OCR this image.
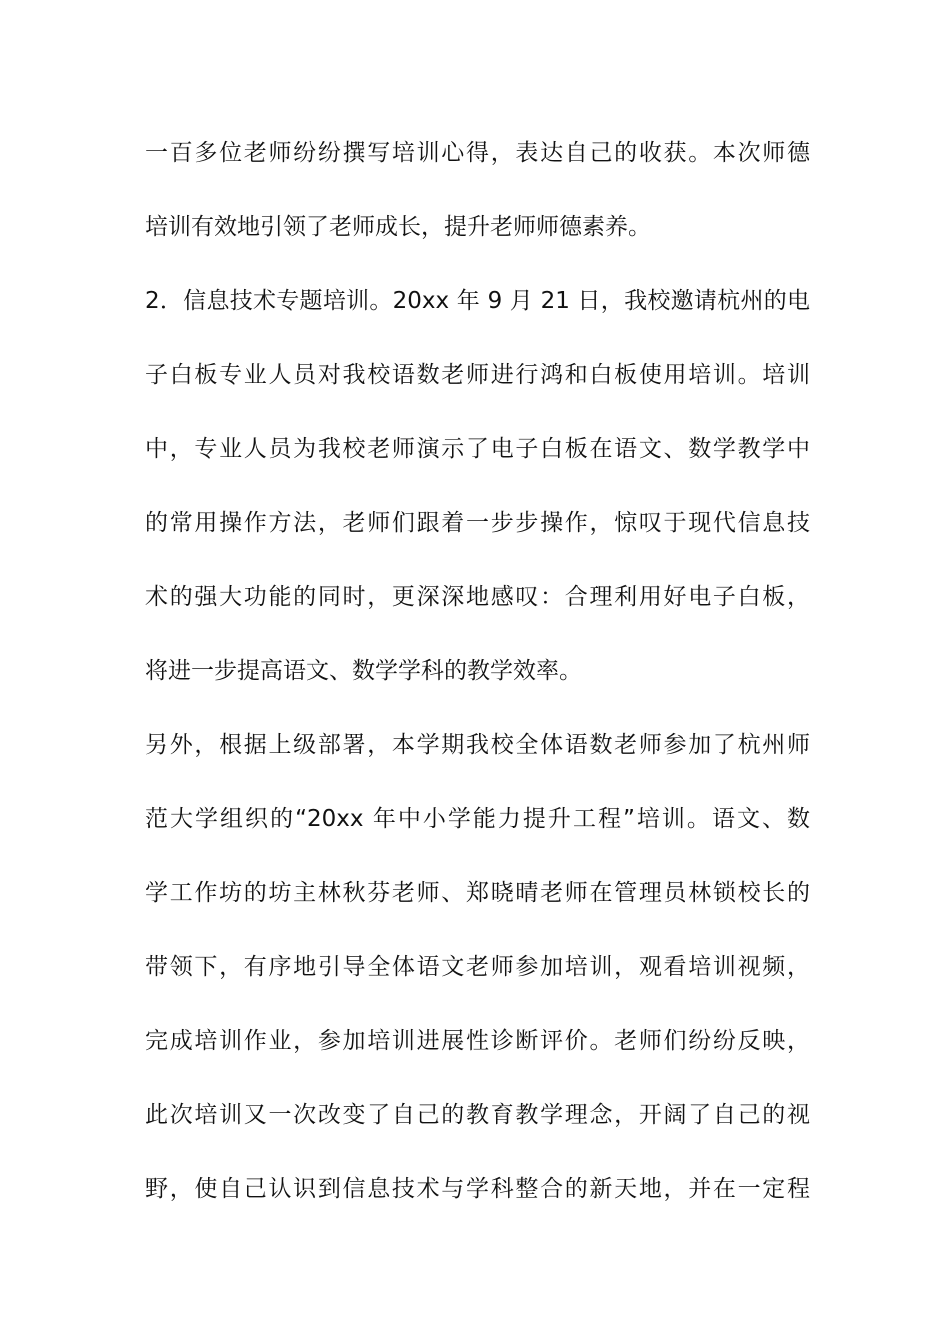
一百多位老师纷纷撰写培训心得，表达自己的收获。本次师德
培训有效地引领了老师成长，提升老师师德素养。
2．信息技术专题培训。20xx 年 9 月 21 日，我校邀请杭州的电
子白板专业人员对我校语数老师进行鸿和白板使用培训。培训
中，专业人员为我校老师演示了电子白板在语文、数学教学中
的常用操作方法，老师们跟着一步步操作，惊叹于现代信息技
术的强大功能的同时，更深深地感叹：合理利用好电子白板，
将进一步提高语文、数学学科的教学效率。
另外，根据上级部署，本学期我校全体语数老师参加了杭州师
范大学组织的“20xx 年中小学能力提升工程”培训。语文、数
学工作坊的坊主林秋芬老师、郑晓晴老师在管理员林锁校长的
带领下，有序地引导全体语文老师参加培训，观看培训视频，
完成培训作业，参加培训进展性诊断评价。老师们纷纷反映，
此次培训又一次改变了自己的教育教学理念，开阔了自己的视
野，使自己认识到信息技术与学科整合的新天地，并在一定程
